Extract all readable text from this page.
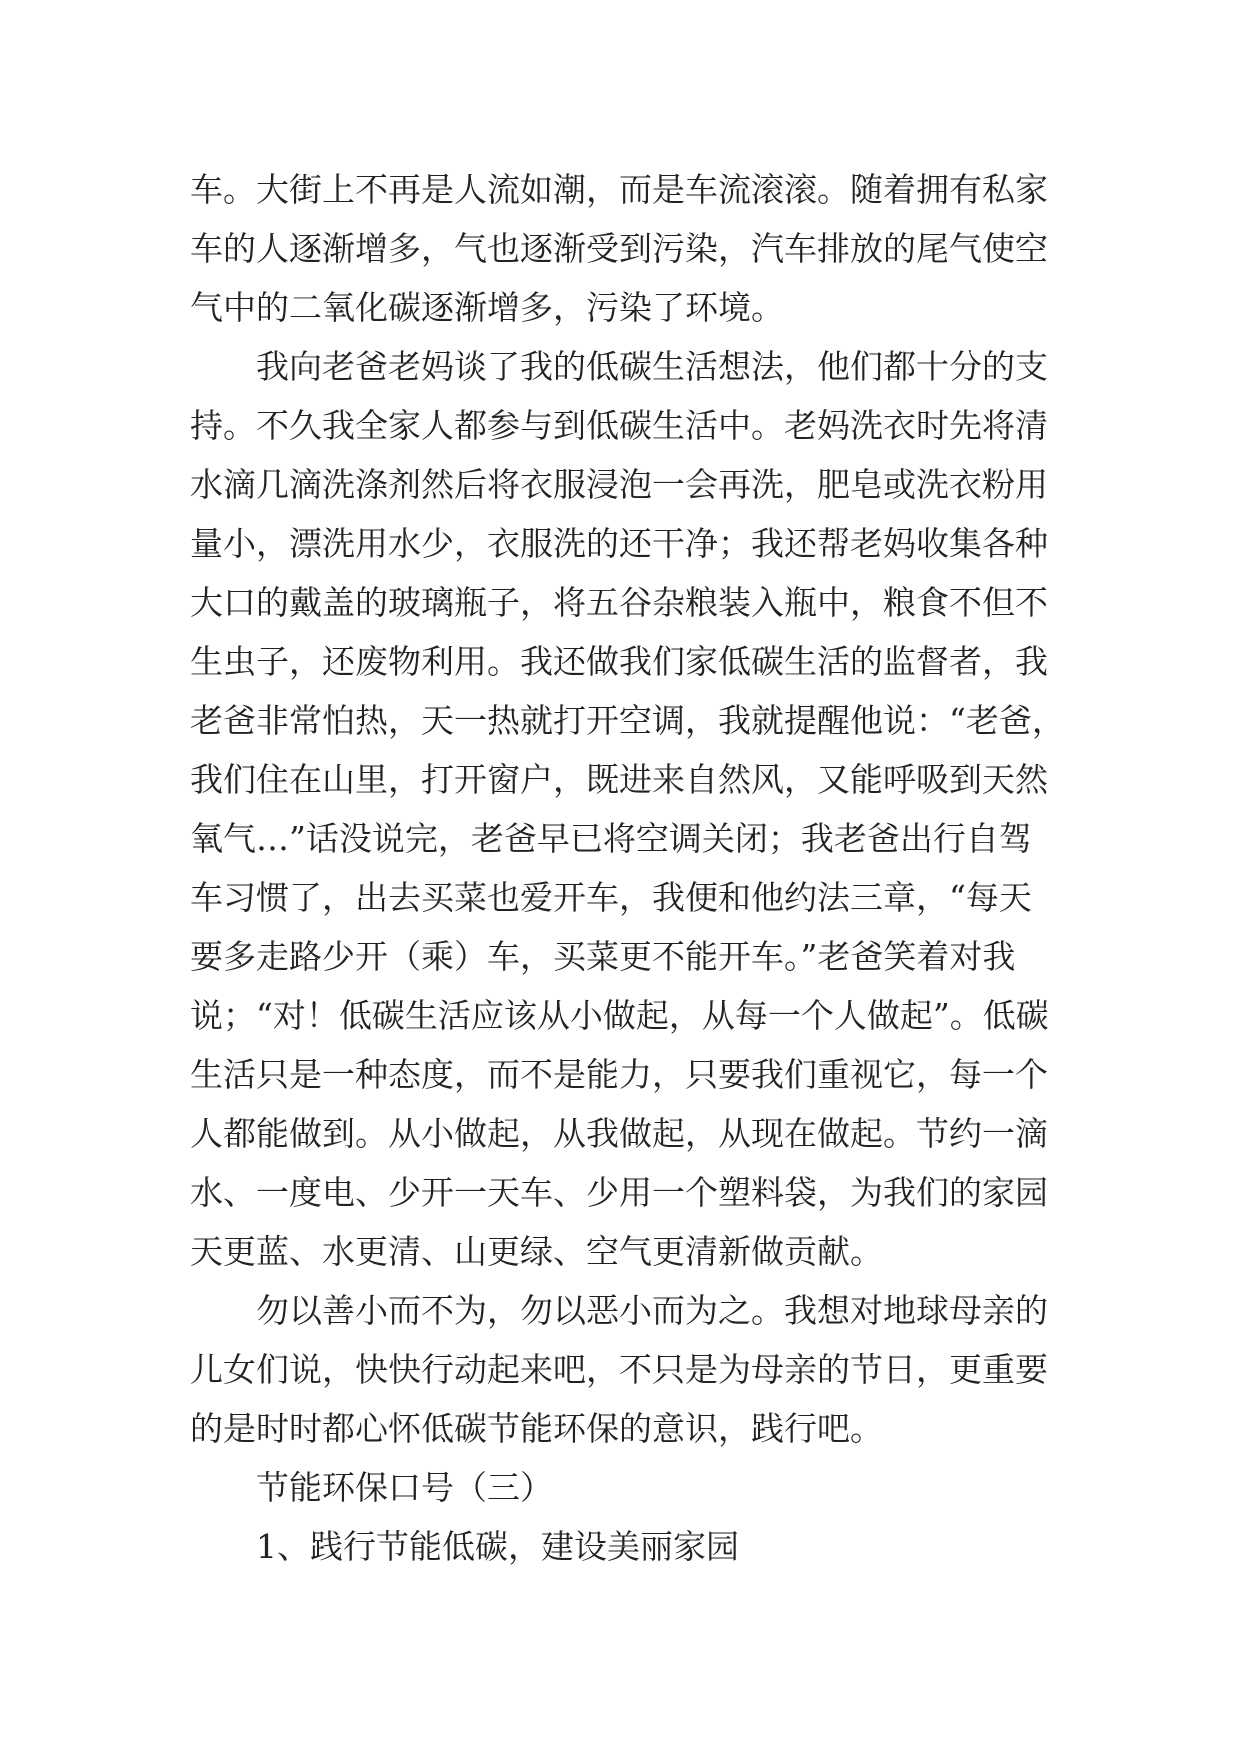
车。大街上不再是人流如潮，而是车流滚滚。随着拥有私家
车的人逐渐增多，气也逐渐受到污染，汽车排放的尾气使空
气中的二氧化碳逐渐增多，污染了环境。
我向老爸老妈谈了我的低碳生活想法，他们都十分的支
持。不久我全家人都参与到低碳生活中。老妈洗衣时先将清
水滴几滴洗涤剂然后将衣服浸泡一会再洗，肥皂或洗衣粉用
量小，漂洗用水少，衣服洗的还干净；我还帮老妈收集各种
大口的戴盖的玻璃瓶子，将五谷杂粮装入瓶中，粮食不但不
生虫子，还废物利用。我还做我们家低碳生活的监督者，我
老爸非常怕热，天一热就打开空调，我就提醒他说：“老爸，
我们住在山里，打开窗户，既进来自然风，又能呼吸到天然
氧气…”话没说完，老爸早已将空调关闭；我老爸出行自驾
车习惯了，出去买菜也爱开车，我便和他约法三章，“每天
要多走路少开（乘）车，买菜更不能开车。”老爸笑着对我
说；“对！低碳生活应该从小做起，从每一个人做起”。低碳
生活只是一种态度，而不是能力，只要我们重视它，每一个
人都能做到。从小做起，从我做起，从现在做起。节约一滴
水、一度电、少开一天车、少用一个塑料袋，为我们的家园
天更蓝、水更清、山更绿、空气更清新做贡献。
勿以善小而不为，勿以恶小而为之。我想对地球母亲的
儿女们说，快快行动起来吧，不只是为母亲的节日，更重要
的是时时都心怀低碳节能环保的意识，践行吧。
节能环保口号（三）
1、践行节能低碳，建设美丽家园
